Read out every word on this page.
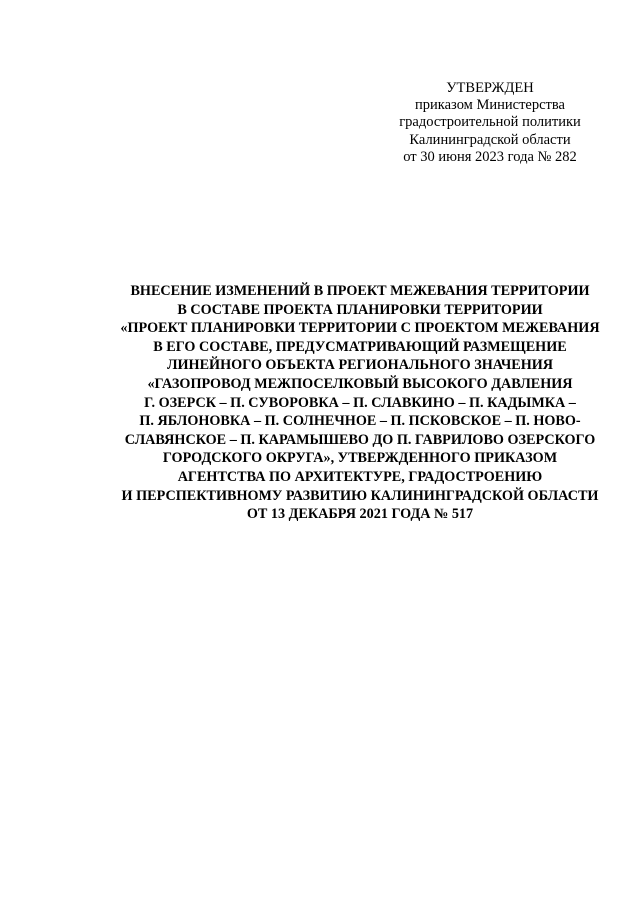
УТВЕРЖДЕН
приказом Министерства
градостроительной политики
Калининградской области
от 30 июня 2023 года № 282
ВНЕСЕНИЕ ИЗМЕНЕНИЙ В ПРОЕКТ МЕЖЕВАНИЯ ТЕРРИТОРИИ
В СОСТАВЕ ПРОЕКТА ПЛАНИРОВКИ ТЕРРИТОРИИ
«ПРОЕКТ ПЛАНИРОВКИ ТЕРРИТОРИИ С ПРОЕКТОМ МЕЖЕВАНИЯ
В ЕГО СОСТАВЕ, ПРЕДУСМАТРИВАЮЩИЙ РАЗМЕЩЕНИЕ
ЛИНЕЙНОГО ОБЪЕКТА РЕГИОНАЛЬНОГО ЗНАЧЕНИЯ
«ГАЗОПРОВОД МЕЖПОСЕЛКОВЫЙ ВЫСОКОГО ДАВЛЕНИЯ
Г. ОЗЕРСК – П. СУВОРОВКА – П. СЛАВКИНО – П. КАДЫМКА –
П. ЯБЛОНОВКА – П. СОЛНЕЧНОЕ – П. ПСКОВСКОЕ – П. НОВО-
СЛАВЯНСКОЕ – П. КАРАМЫШЕВО ДО П. ГАВРИЛОВО ОЗЕРСКОГО
ГОРОДСКОГО ОКРУГА», УТВЕРЖДЕННОГО ПРИКАЗОМ
АГЕНТСТВА ПО АРХИТЕКТУРЕ, ГРАДОСТРОЕНИЮ
И ПЕРСПЕКТИВНОМУ РАЗВИТИЮ КАЛИНИНГРАДСКОЙ ОБЛАСТИ
ОТ 13 ДЕКАБРЯ 2021 ГОДА № 517
